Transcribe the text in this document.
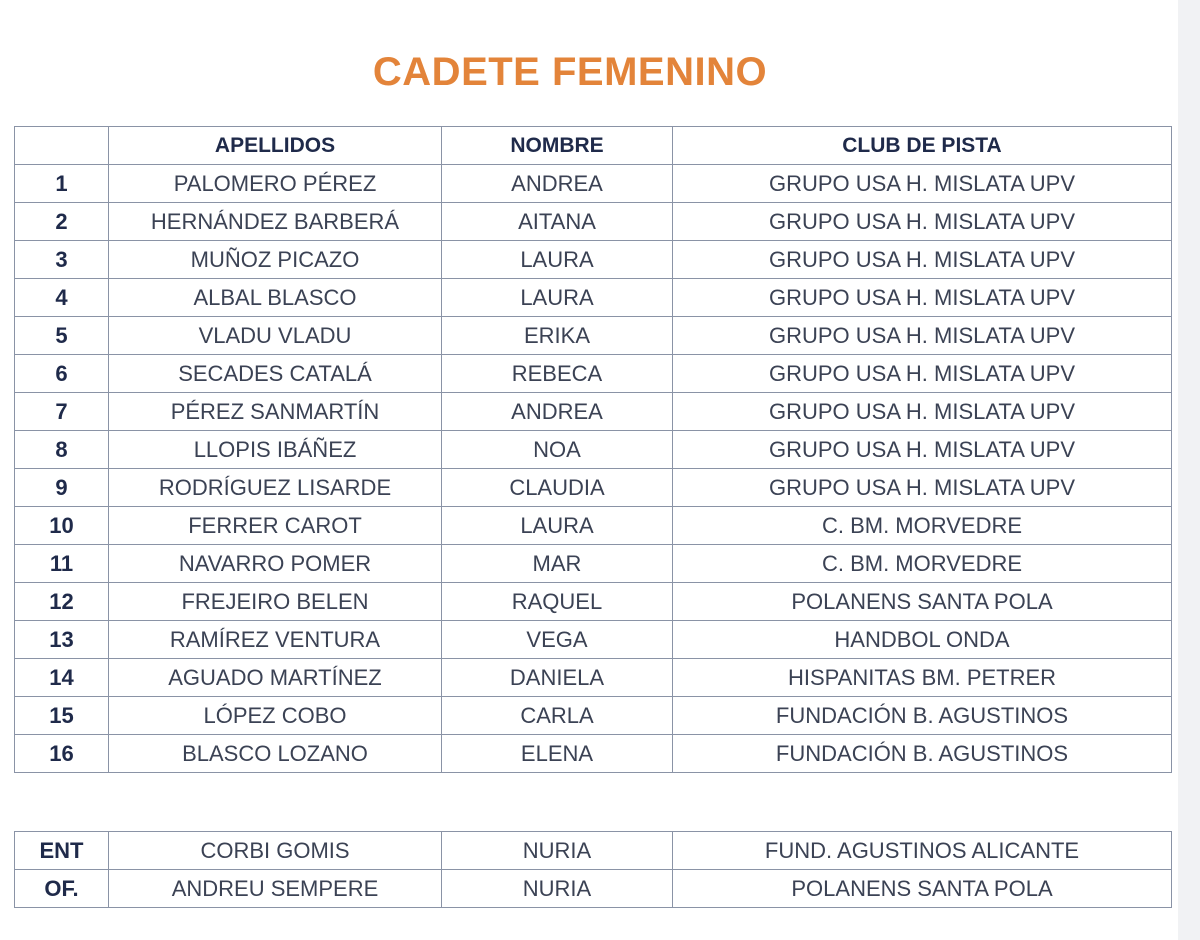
CADETE FEMENINO
	APELLIDOS	NOMBRE	CLUB DE PISTA
1	PALOMERO PÉREZ	ANDREA	GRUPO USA H. MISLATA UPV
2	HERNÁNDEZ BARBERÁ	AITANA	GRUPO USA H. MISLATA UPV
3	MUÑOZ PICAZO	LAURA	GRUPO USA H. MISLATA UPV
4	ALBAL BLASCO	LAURA	GRUPO USA H. MISLATA UPV
5	VLADU VLADU	ERIKA	GRUPO USA H. MISLATA UPV
6	SECADES CATALÁ	REBECA	GRUPO USA H. MISLATA UPV
7	PÉREZ SANMARTÍN	ANDREA	GRUPO USA H. MISLATA UPV
8	LLOPIS IBÁÑEZ	NOA	GRUPO USA H. MISLATA UPV
9	RODRÍGUEZ LISARDE	CLAUDIA	GRUPO USA H. MISLATA UPV
10	FERRER CAROT	LAURA	C. BM. MORVEDRE
11	NAVARRO POMER	MAR	C. BM. MORVEDRE
12	FREJEIRO BELEN	RAQUEL	POLANENS SANTA POLA
13	RAMÍREZ VENTURA	VEGA	HANDBOL ONDA
14	AGUADO MARTÍNEZ	DANIELA	HISPANITAS BM. PETRER
15	LÓPEZ COBO	CARLA	FUNDACIÓN B. AGUSTINOS
16	BLASCO LOZANO	ELENA	FUNDACIÓN B. AGUSTINOS
ENT	CORBI GOMIS	NURIA	FUND. AGUSTINOS ALICANTE
OF.	ANDREU SEMPERE	NURIA	POLANENS SANTA POLA
